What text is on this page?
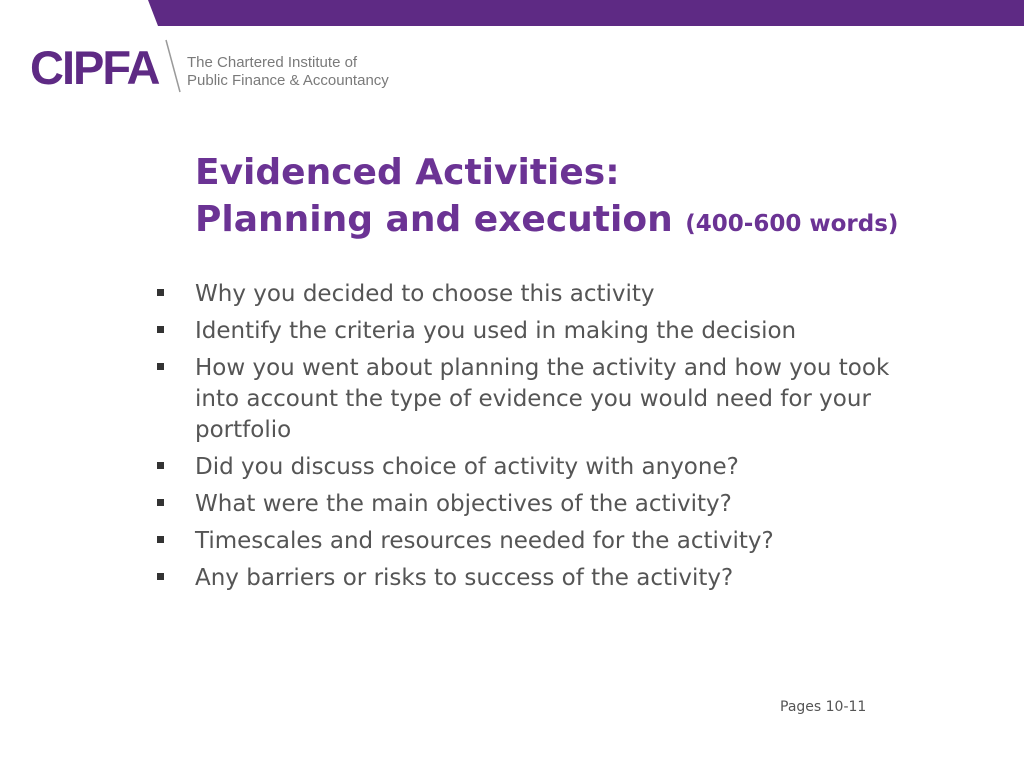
CIPFA The Chartered Institute of
Public Finance & Accountancy
Evidenced Activities:
Planning and execution (400-600 words)
Why you decided to choose this activity
Identify the criteria you used in making the decision
How you went about planning the activity and how you took into account the type of evidence you would need for your portfolio
Did you discuss choice of activity with anyone?
What were the main objectives of the activity?
Timescales and resources needed for the activity?
Any barriers or risks to success of the activity?
Pages 10-11
